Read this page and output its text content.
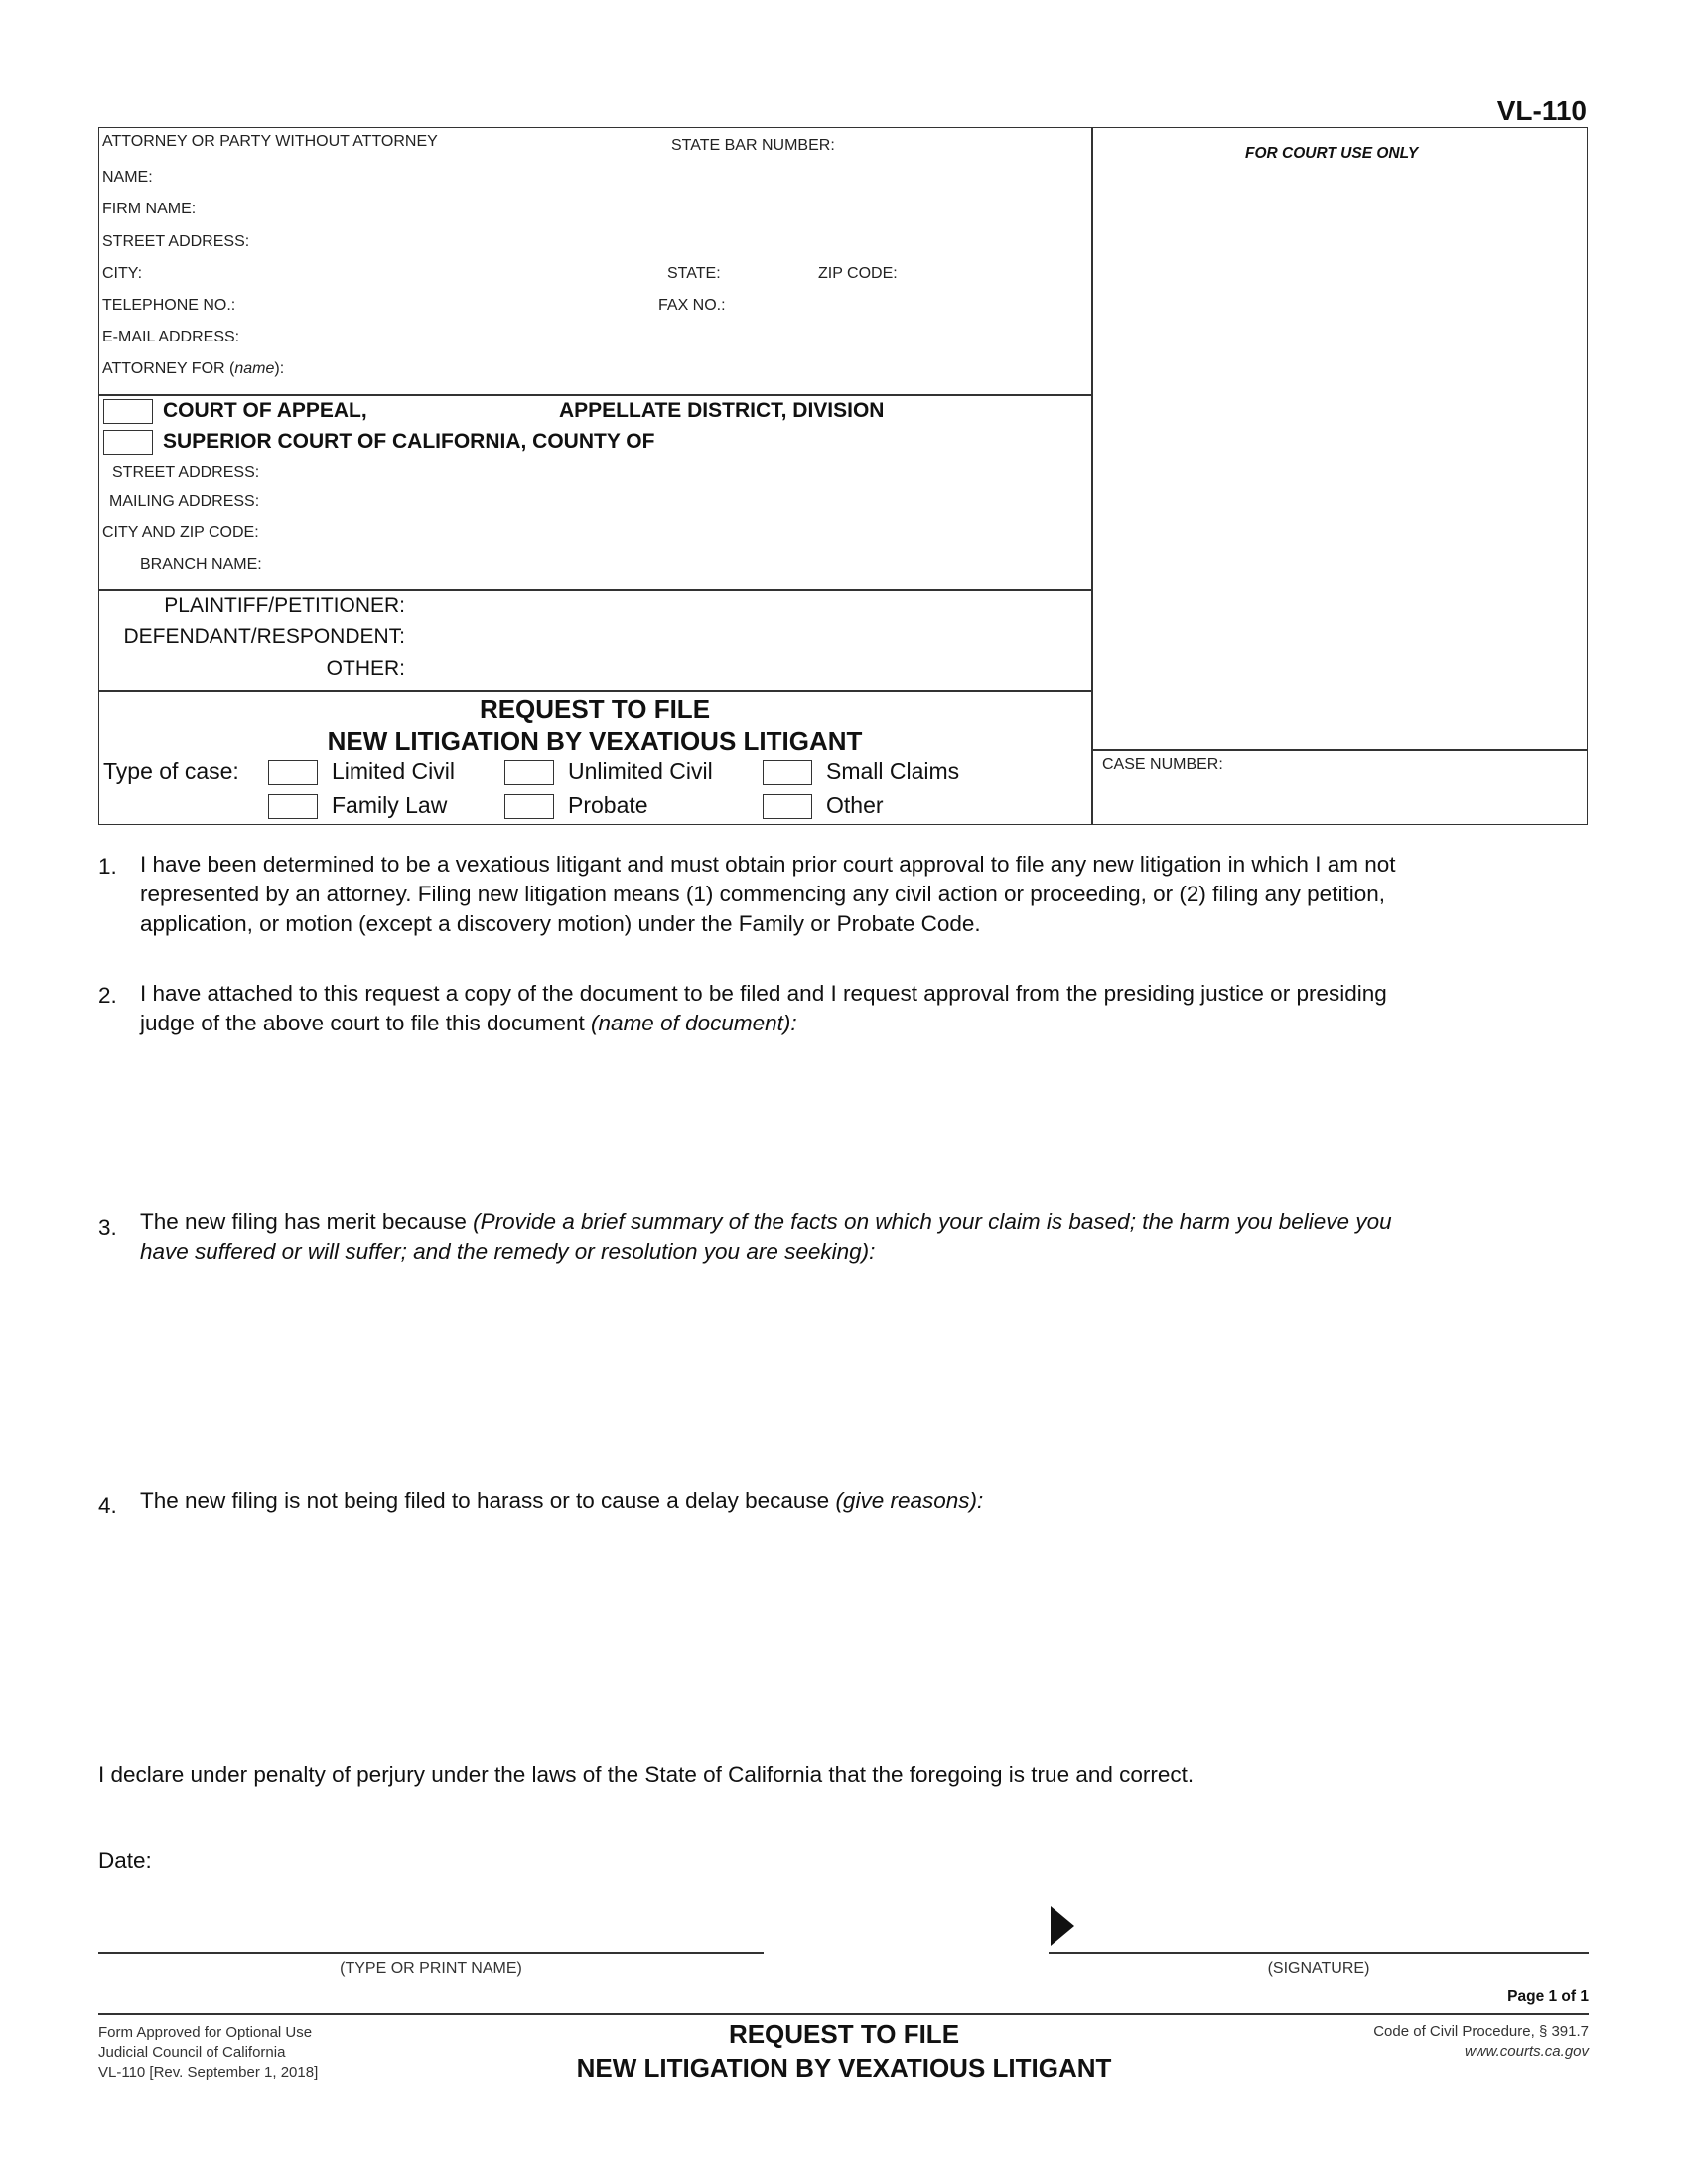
VL-110
ATTORNEY OR PARTY WITHOUT ATTORNEY	STATE BAR NUMBER:
NAME:
FIRM NAME:
STREET ADDRESS:
CITY:	STATE:	ZIP CODE:
TELEPHONE NO.:	FAX NO.:
E-MAIL ADDRESS:
ATTORNEY FOR (name):
FOR COURT USE ONLY
COURT OF APPEAL,	APPELLATE DISTRICT, DIVISION
SUPERIOR COURT OF CALIFORNIA, COUNTY OF
STREET ADDRESS:
MAILING ADDRESS:
CITY AND ZIP CODE:
BRANCH NAME:
PLAINTIFF/PETITIONER:
DEFENDANT/RESPONDENT:
OTHER:
REQUEST TO FILE
NEW LITIGATION BY VEXATIOUS LITIGANT
Type of case:	Limited Civil	Unlimited Civil	Small Claims
Family Law	Probate	Other
CASE NUMBER:
1. I have been determined to be a vexatious litigant and must obtain prior court approval to file any new litigation in which I am not
represented by an attorney. Filing new litigation means (1) commencing any civil action or proceeding, or (2) filing any petition,
application, or motion (except a discovery motion) under the Family or Probate Code.
2. I have attached to this request a copy of the document to be filed and I request approval from the presiding justice or presiding
judge of the above court to file this document (name of document):
3. The new filing has merit because (Provide a brief summary of the facts on which your claim is based; the harm you believe you
have suffered or will suffer; and the remedy or resolution you are seeking):
4. The new filing is not being filed to harass or to cause a delay because (give reasons):
I declare under penalty of perjury under the laws of the State of California that the foregoing is true and correct.
Date:
(TYPE OR PRINT NAME)	(SIGNATURE)
Page 1 of 1
Form Approved for Optional Use
Judicial Council of California
VL-110 [Rev. September 1, 2018]
REQUEST TO FILE
NEW LITIGATION BY VEXATIOUS LITIGANT
Code of Civil Procedure, § 391.7
www.courts.ca.gov
